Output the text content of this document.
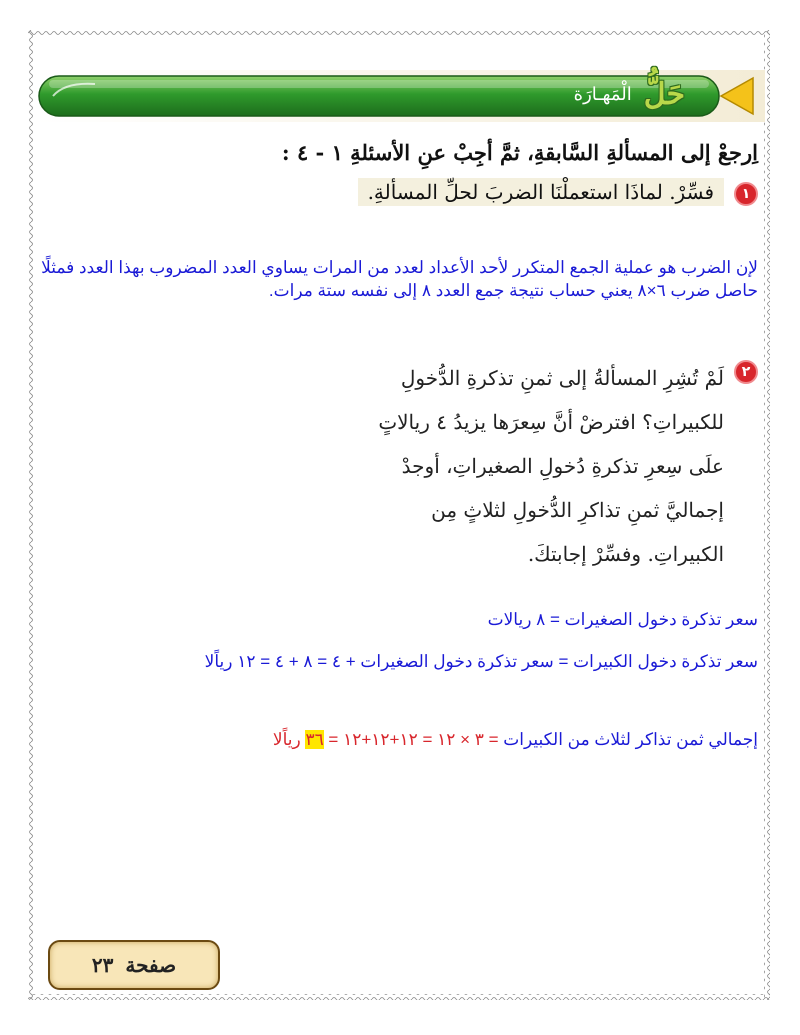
حَلُّ
الْمَهـارَة
اِرجعْ إلى المسألةِ السَّابقةِ، ثمَّ أجِبْ عنِ الأسئلةِ ١ - ٤ :
١
فسِّرْ. لماذَا استعملْنَا الضربَ لحلِّ المسألةِ.
لإن الضرب هو عملية الجمع المتكرر لأحد الأعداد لعدد من المرات يساوي العدد المضروب بهذا العدد فمثلًا حاصل ضرب ٦×٨ يعني حساب نتيجة جمع العدد ٨ إلى نفسه ستة مرات.
٢
لَمْ تُشِرِ المسألةُ إلى ثمنِ تذكرةِ الدُّخولِ
للكبيراتِ؟ افترضْ أنَّ سِعرَها يزيدُ ٤ ريالاتٍ
علَى سِعرِ تذكرةِ دُخولِ الصغيراتِ، أوجدْ
إجماليَّ ثمنِ تذاكرِ الدُّخولِ لثلاثٍ مِن
الكبيراتِ. وفسِّرْ إجابتكَ.
سعر تذكرة دخول الصغيرات = ٨ ريالات
سعر تذكرة دخول الكبيرات = سعر تذكرة دخول الصغيرات + ٤ = ٨ + ٤ = ١٢ رياًلا
إجمالي ثمن تذاكر لثلاث من الكبيرات = ٣ × ١٢ = ١٢+١٢+١٢ = ٣٦ رياًلا
صفحة
٢٣
